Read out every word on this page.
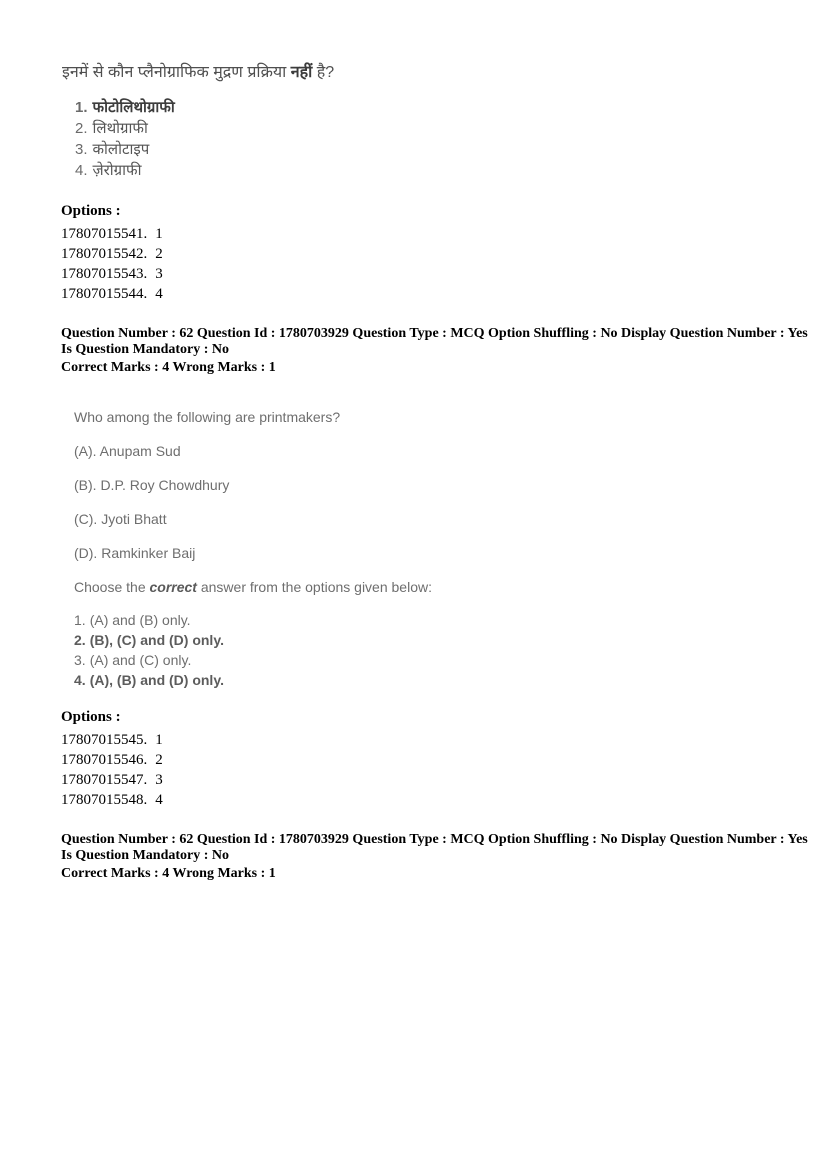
इनमें से कौन प्लैनोग्राफिक मुद्रण प्रक्रिया नहीं है?
1. फोटोलिथोग्राफी
2. लिथोग्राफी
3. कोलोटाइप
4. ज़ेरोग्राफी
Options :
17807015541. 1
17807015542. 2
17807015543. 3
17807015544. 4
Question Number : 62 Question Id : 1780703929 Question Type : MCQ Option Shuffling : No Display Question Number : Yes
Is Question Mandatory : No
Correct Marks : 4 Wrong Marks : 1
Who among the following are printmakers?
(A). Anupam Sud
(B). D.P. Roy Chowdhury
(C). Jyoti Bhatt
(D). Ramkinker Baij
Choose the correct answer from the options given below:
1. (A) and (B) only.
2. (B), (C) and (D) only.
3. (A) and (C) only.
4. (A), (B) and (D) only.
Options :
17807015545. 1
17807015546. 2
17807015547. 3
17807015548. 4
Question Number : 62 Question Id : 1780703929 Question Type : MCQ Option Shuffling : No Display Question Number : Yes
Is Question Mandatory : No
Correct Marks : 4 Wrong Marks : 1
